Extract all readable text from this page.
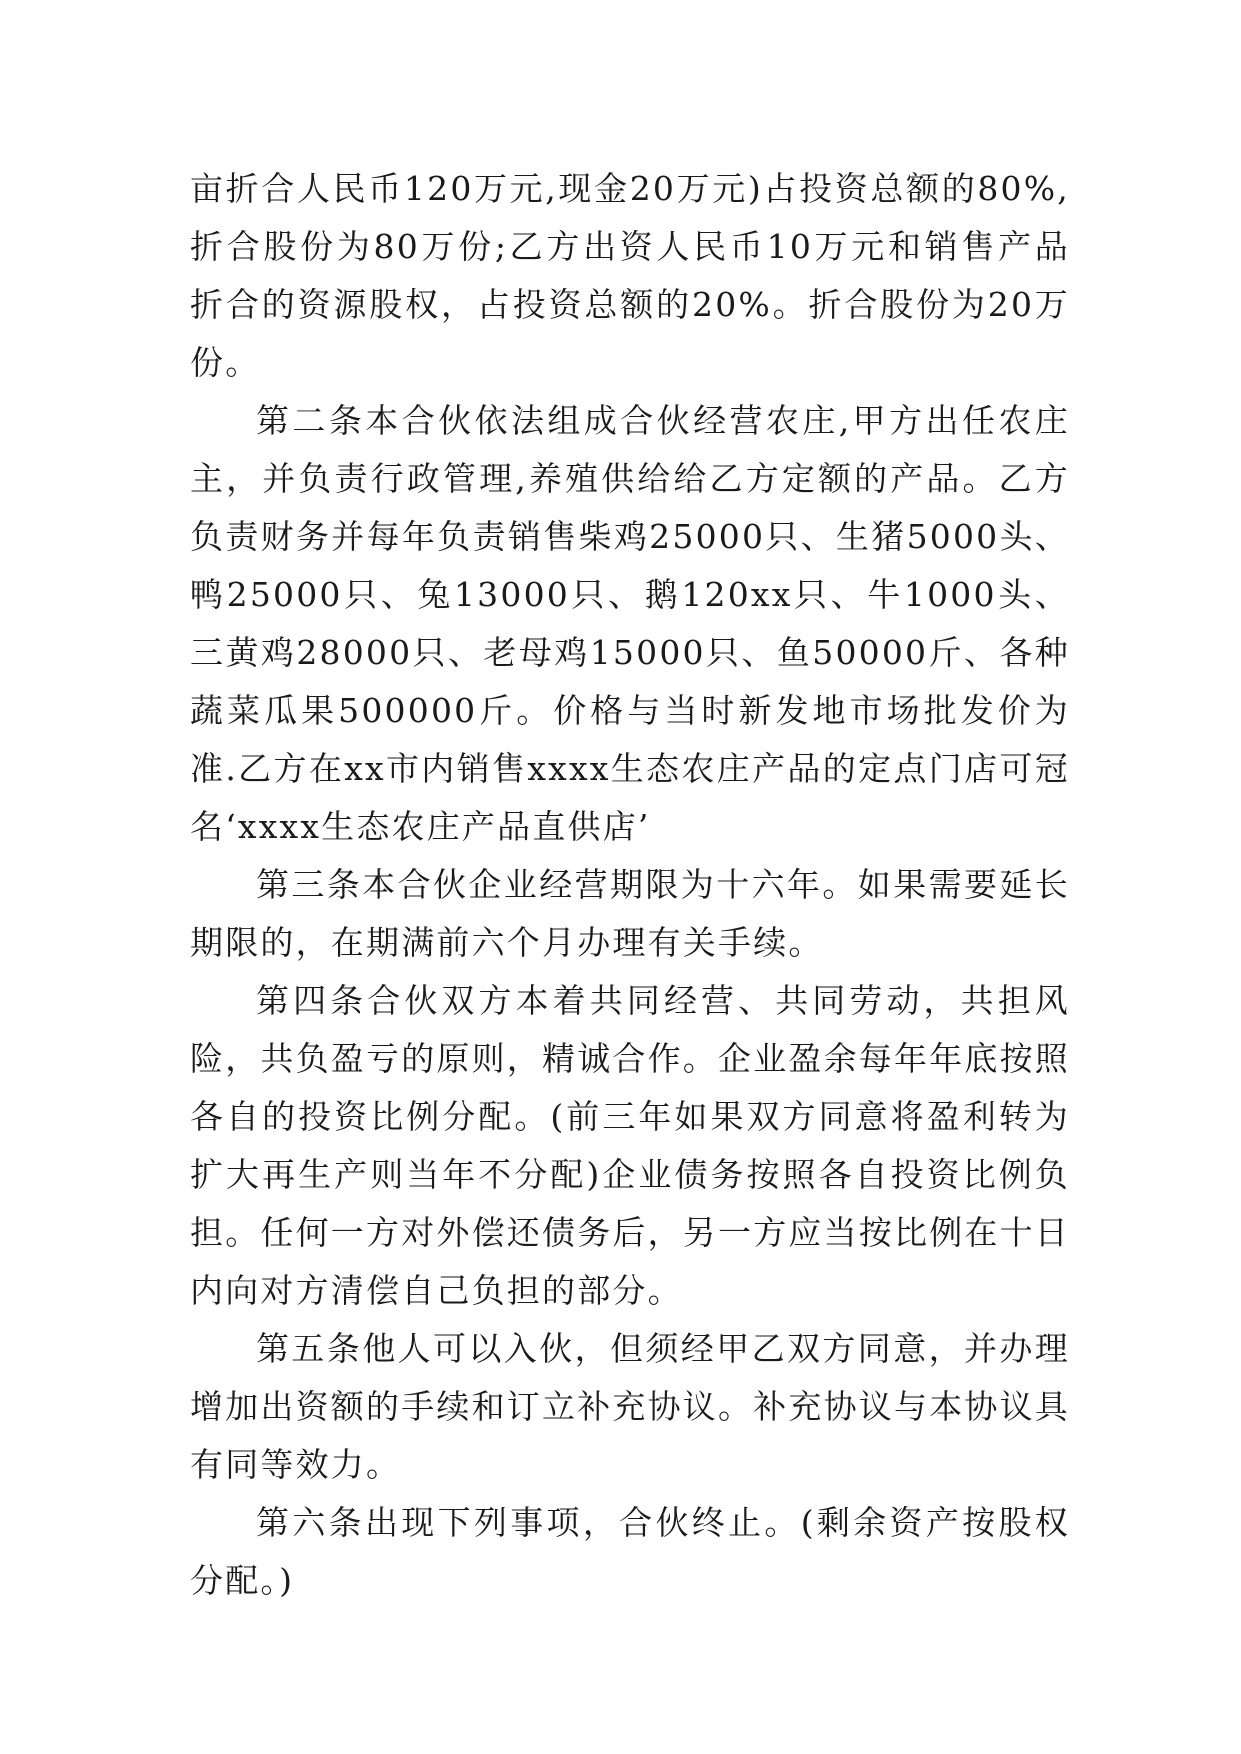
亩折合人民币120万元,现金20万元)占投资总额的80%,折合股份为80万份;乙方出资人民币10万元和销售产品折合的资源股权，占投资总额的20%。折合股份为20万份。

第二条本合伙依法组成合伙经营农庄,甲方出任农庄主，并负责行政管理,养殖供给给乙方定额的产品。乙方负责财务并每年负责销售柴鸡25000只、生猪5000头、鸭25000只、兔13000只、鹅120xx只、牛1000头、三黄鸡28000只、老母鸡15000只、鱼50000斤、各种蔬菜瓜果500000斤。价格与当时新发地市场批发价为准.乙方在xx市内销售xxxx生态农庄产品的定点门店可冠名‘xxxx生态农庄产品直供店’

第三条本合伙企业经营期限为十六年。如果需要延长期限的，在期满前六个月办理有关手续。

第四条合伙双方本着共同经营、共同劳动，共担风险，共负盈亏的原则，精诚合作。企业盈余每年年底按照各自的投资比例分配。(前三年如果双方同意将盈利转为扩大再生产则当年不分配)企业债务按照各自投资比例负担。任何一方对外偿还债务后，另一方应当按比例在十日内向对方清偿自己负担的部分。

第五条他人可以入伙，但须经甲乙双方同意，并办理增加出资额的手续和订立补充协议。补充协议与本协议具有同等效力。

第六条出现下列事项，合伙终止。(剩余资产按股权分配。)
